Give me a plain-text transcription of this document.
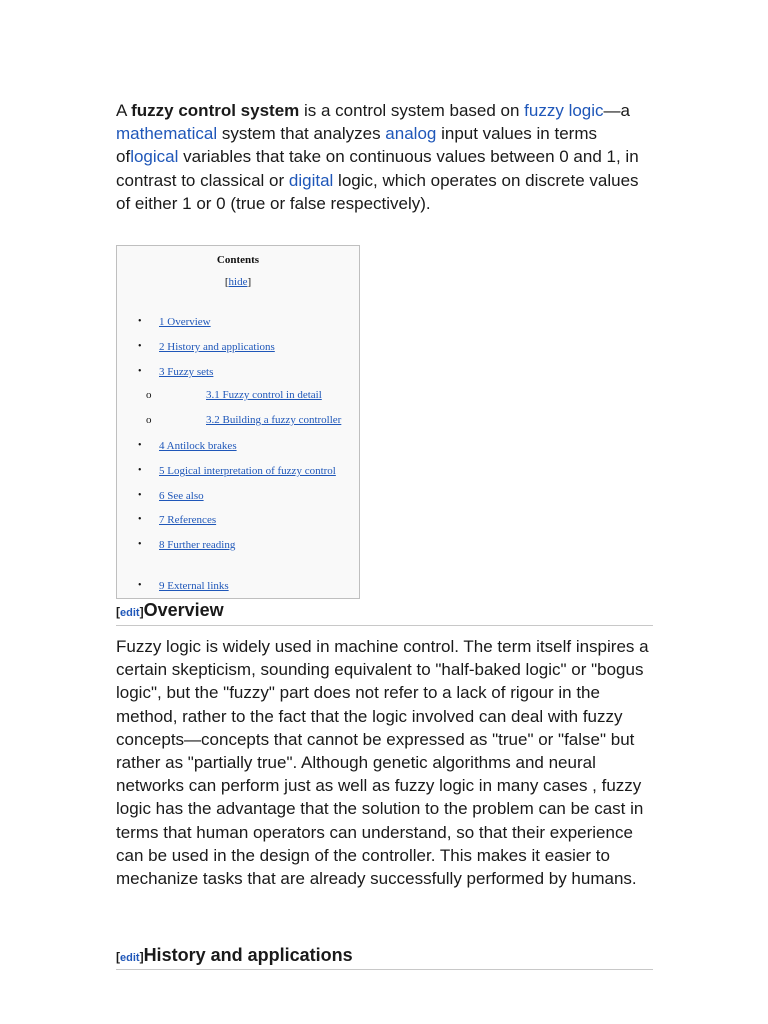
A fuzzy control system is a control system based on fuzzy logic—a mathematical system that analyzes analog input values in terms oflogical variables that take on continuous values between 0 and 1, in contrast to classical or digital logic, which operates on discrete values of either 1 or 0 (true or false respectively).

Contents
[hide]
• 1 Overview
• 2 History and applications
• 3 Fuzzy sets
o	3.1 Fuzzy control in detail
o	3.2 Building a fuzzy controller
• 4 Antilock brakes
• 5 Logical interpretation of fuzzy control
• 6 See also
• 7 References
• 8 Further reading
• 9 External links
[edit]Overview

Fuzzy logic is widely used in machine control. The term itself inspires a certain skepticism, sounding equivalent to "half-baked logic" or "bogus logic", but the "fuzzy" part does not refer to a lack of rigour in the method, rather to the fact that the logic involved can deal with fuzzy concepts—concepts that cannot be expressed as "true" or "false" but rather as "partially true". Although genetic algorithms and neural networks can perform just as well as fuzzy logic in many cases , fuzzy logic has the advantage that the solution to the problem can be cast in terms that human operators can understand, so that their experience can be used in the design of the controller. This makes it easier to mechanize tasks that are already successfully performed by humans.

[edit]History and applications
